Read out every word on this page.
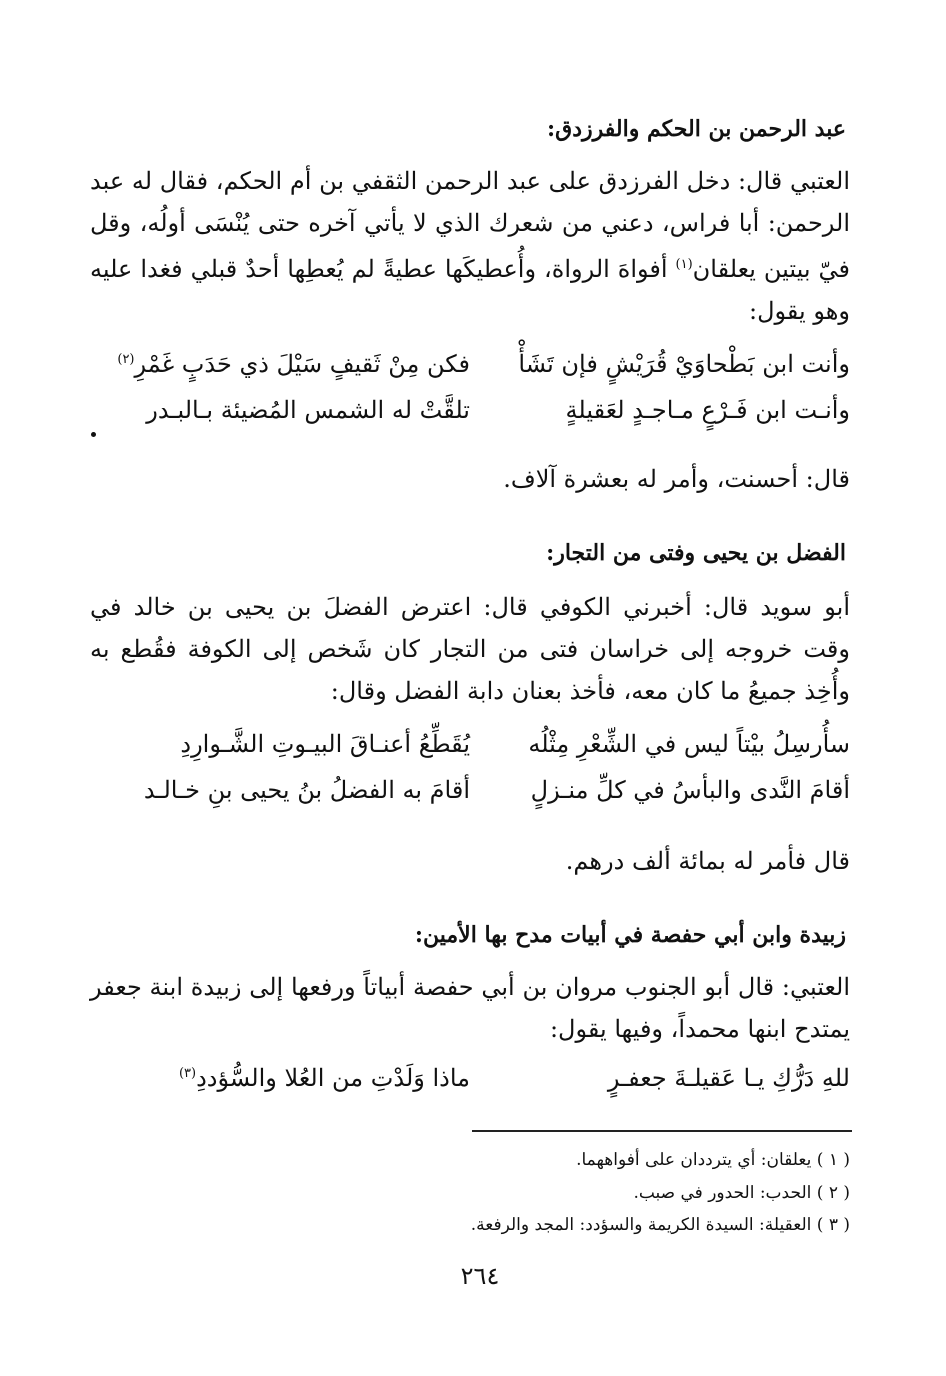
عبد الرحمن بن الحكم والفرزدق:
العتبي قال: دخل الفرزدق على عبد الرحمن الثقفي بن أم الحكم، فقال له عبد الرحمن: أبا فراس، دعني من شعرك الذي لا يأتي آخره حتى يُنْسَى أولُه، وقل فيّ بيتين يعلقان$^{(١)}$ أفواهَ الرواة، وأُعطيكَها عطيةً لم يُعطِها أحدٌ قبلي فغدا عليه وهو يقول:
وأنت ابن بَطْحاوَيْ قُرَيْشٍ فإن تَشَأْ
فكن مِنْ ثَقيفٍ سَيْلَ ذي حَدَبٍ غَمْرِ$^{(٢)}$
وأنـت ابن فَـرْعٍ مـاجـدٍ لعَقيلةٍ
تلقَّتْ له الشمس المُضيئة بـالبـدر
قال: أحسنت، وأمر له بعشرة آلاف.
الفضل بن يحيى وفتى من التجار:
أبو سويد قال: أخبرني الكوفي قال: اعترض الفضلَ بن يحيى بن خالد في وقت خروجه إلى خراسان فتى من التجار كان شَخص إلى الكوفة فقُطع به وأُخِذ جميعُ ما كان معه، فأخذ بعنان دابة الفضل وقال:
سأُرسِلُ بيْتاً ليس في الشِّعْرِ مِثْلُه
يُقَطِّعُ أعنـاقَ البيـوتِ الشَّـوارِدِ
أقامَ النَّدى والبأسُ في كلِّ منـزلٍ
أقامَ به الفضلُ بنُ يحيى بنِ خـالـد
قال فأمر له بمائة ألف درهم.
زبيدة وابن أبي حفصة في أبيات مدح بها الأمين:
العتبي: قال أبو الجنوب مروان بن أبي حفصة أبياتاً ورفعها إلى زبيدة ابنة جعفر يمتدح ابنها محمداً، وفيها يقول:
للهِ دَرُّكِ يـا عَقيلـةَ جعفـرٍ
ماذا وَلَدْتِ من العُلا والسُّؤددِ$^{(٣)}$
( ١ ) يعلقان: أي يترددان على أفواههما.
( ٢ ) الحدب: الحدور في صبب.
( ٣ ) العقيلة: السيدة الكريمة والسؤدد: المجد والرفعة.
٢٦٤
